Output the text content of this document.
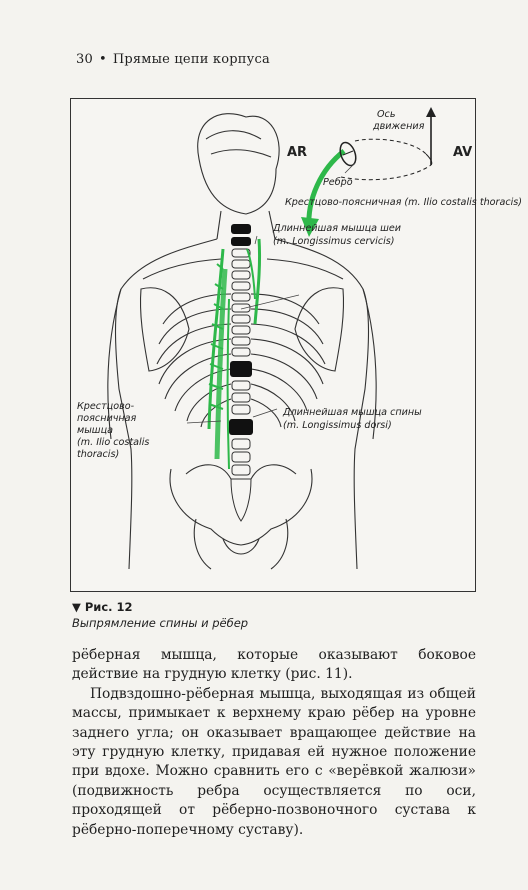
30 • Прямые цепи корпуса
AR	AV
Ось
движения
Ребро
Крестцово-поясничная (m. Ilio costalis thoracis)
Длиннейшая мышца шеи
(m. Longissimus cervicis)
Крестцово-
поясничная
мышца
(m. Ilio costalis
thoracis)
Длиннейшая мышца спины
(m. Longissimus dorsi)
▼ Рис. 12
Выпрямление спины и рёбер

рёберная мышца, которые оказывают боковое действие на грудную клетку (рис. 11).

Подвздошно-рёберная мышца, выходящая из общей массы, примыкает к верхнему краю рёбер на уровне заднего угла; он оказывает вращающее действие на эту грудную клетку, придавая ей нужное положение при вдохе. Можно сравнить его с «верёвкой жалюзи» (подвижность ребра осуществляется по оси, проходящей от рёберно-позвоночного сустава к рёберно-поперечному суставу).
